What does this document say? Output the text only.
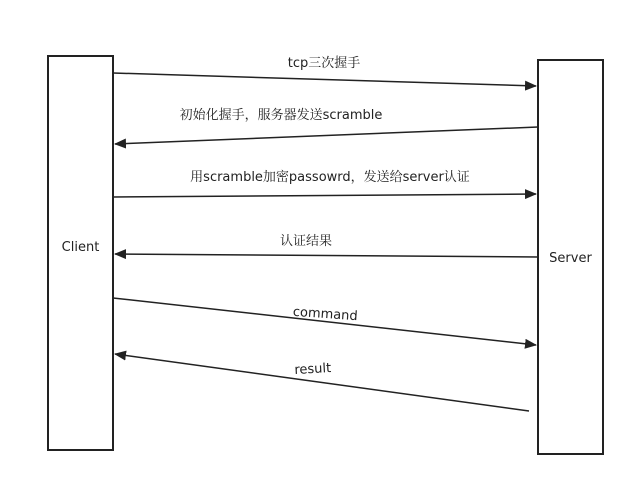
Client
Server
tcp三次握手
初始化握手，服务器发送scramble
用scramble加密passowrd，发送给server认证
认证结果
command
result
